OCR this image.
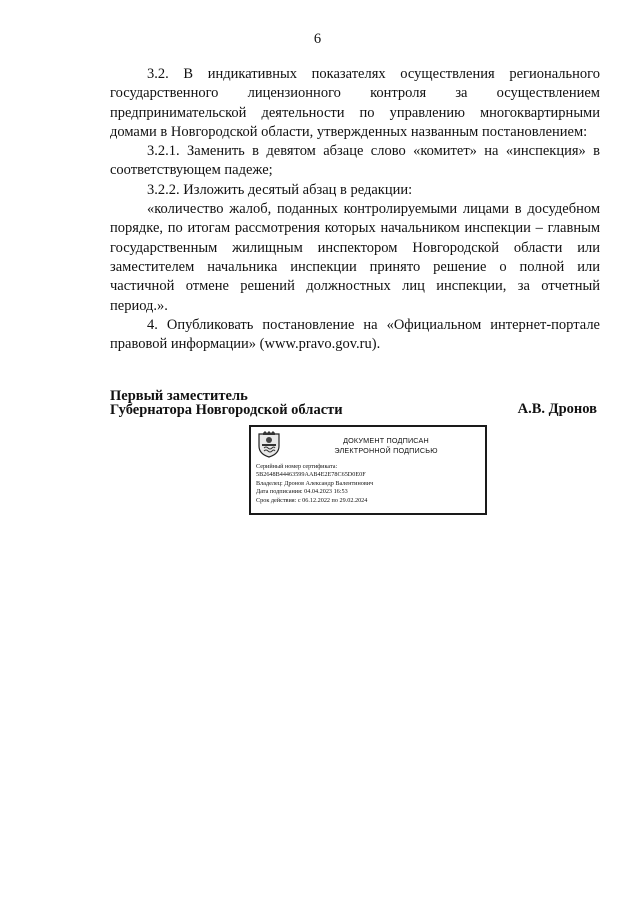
6

3.2. В индикативных показателях осуществления регионального государственного лицензионного контроля за осуществлением предпринимательской деятельности по управлению многоквартирными домами в Новгородской области, утвержденных названным постановлением:

3.2.1. Заменить в девятом абзаце слово «комитет» на «инспекция» в соответствующем падеже;

3.2.2. Изложить десятый абзац в редакции:

«количество жалоб, поданных контролируемыми лицами в досудебном порядке, по итогам рассмотрения которых начальником инспекции – главным государственным жилищным инспектором Новгородской области или заместителем начальника инспекции принято решение о полной или частичной отмене решений должностных лиц инспекции, за отчетный период.».

4. Опубликовать постановление на «Официальном интернет-портале правовой информации» (www.pravo.gov.ru).

Первый заместитель
Губернатора Новгородской области	А.В. Дронов
ДОКУМЕНТ ПОДПИСАН
ЭЛЕКТРОННОЙ ПОДПИСЬЮ
Серийный номер сертификата:
5B2648B44463599AAB4E2E78C65D0E0F
Владелец: Дронов Александр Валентинович
Дата подписания: 04.04.2023 16:53
Срок действия: с 06.12.2022 по 29.02.2024
